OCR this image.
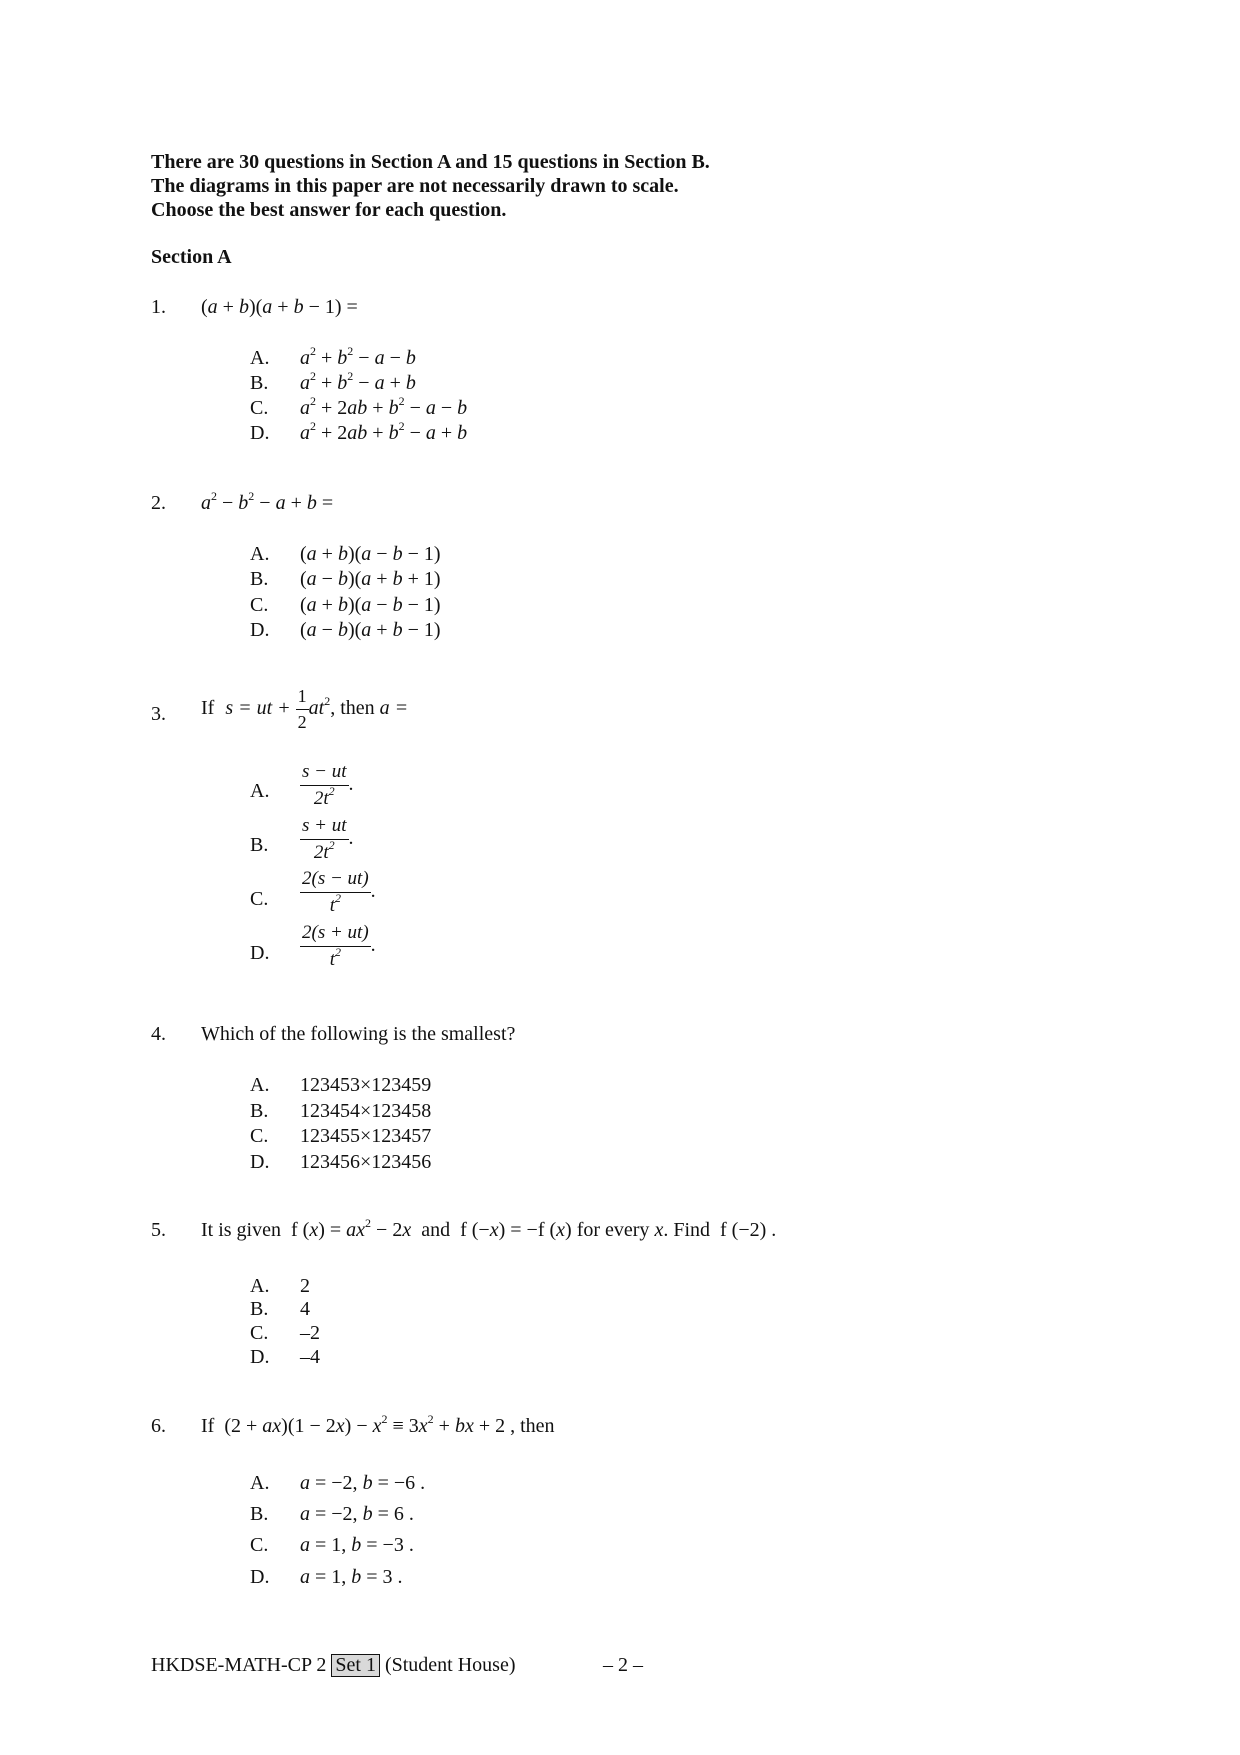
There are 30 questions in Section A and 15 questions in Section B.
The diagrams in this paper are not necessarily drawn to scale.
Choose the best answer for each question.
Section A
1. (a + b)(a + b − 1) =
A. $a^2 + b^2 - a - b$
B. $a^2 + b^2 - a + b$
C. $a^2 + 2ab + b^2 - a - b$
D. $a^2 + 2ab + b^2 - a + b$
2. $a^2 - b^2 - a + b$ =
A. (a + b)(a − b − 1)
B. (a − b)(a + b + 1)
C. (a + b)(a − b − 1)
D. (a − b)(a + b − 1)
3. If s = ut + $\frac{1}{2} at^2$, then a =
A. $\frac{s - ut}{2t^2}$ .
B. $\frac{s + ut}{2t^2}$ .
C. $\frac{2(s - ut)}{t^2}$ .
D. $\frac{2(s + ut)}{t^2}$ .
4. Which of the following is the smallest?
A. 123453×123459
B. 123454×123458
C. 123455×123457
D. 123456×123456
5. It is given  f $(x) = ax^2 - 2x$  and  f (−x) = −f (x) for every x. Find  f (−2) .
A. 2
B. 4
C. –2
D. –4
6. If  $(2 + ax)(1 - 2x) - x^2 \equiv 3x^2$ + bx + 2 , then
A. a = −2, b = −6 .
B. a = −2, b = 6 .
C. a = 1, b = −3 .
D. a = 1, b = 3 .
HKDSE-MATH-CP 2 Set 1 (Student House)	– 2 –
